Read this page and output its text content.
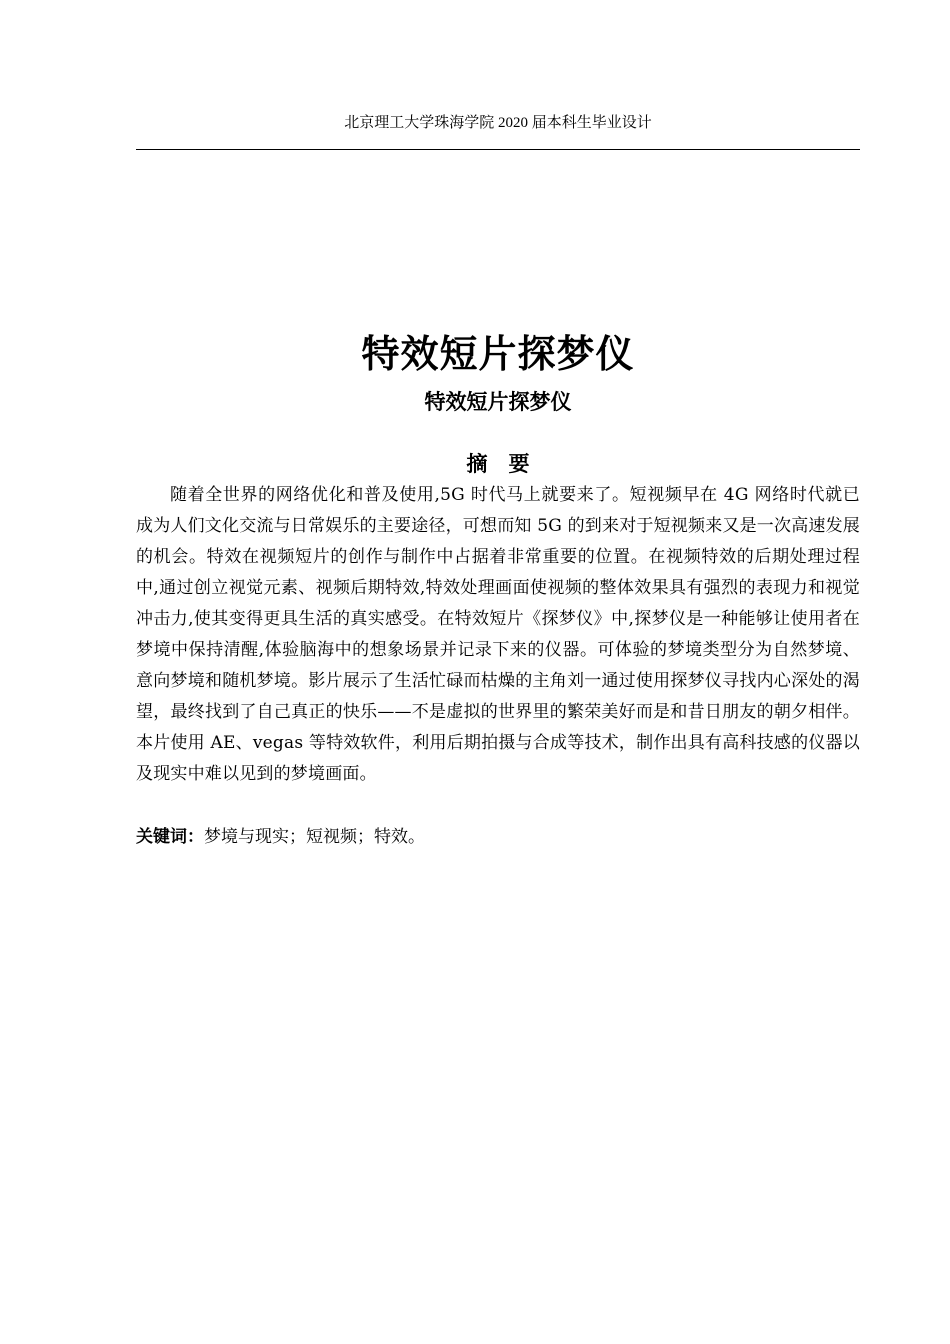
北京理工大学珠海学院 2020 届本科生毕业设计
特效短片探梦仪
特效短片探梦仪
摘　要

随着全世界的网络优化和普及使用,5G 时代马上就要来了。短视频早在 4G 网络时代就已成为人们文化交流与日常娱乐的主要途径，可想而知 5G 的到来对于短视频来又是一次高速发展的机会。特效在视频短片的创作与制作中占据着非常重要的位置。在视频特效的后期处理过程中,通过创立视觉元素、视频后期特效,特效处理画面使视频的整体效果具有强烈的表现力和视觉冲击力,使其变得更具生活的真实感受。在特效短片《探梦仪》中,探梦仪是一种能够让使用者在梦境中保持清醒,体验脑海中的想象场景并记录下来的仪器。可体验的梦境类型分为自然梦境、意向梦境和随机梦境。影片展示了生活忙碌而枯燥的主角刘一通过使用探梦仪寻找内心深处的渴望，最终找到了自己真正的快乐——不是虚拟的世界里的繁荣美好而是和昔日朋友的朝夕相伴。本片使用 AE、vegas 等特效软件，利用后期拍摄与合成等技术，制作出具有高科技感的仪器以及现实中难以见到的梦境画面。

关键词：梦境与现实；短视频；特效。
